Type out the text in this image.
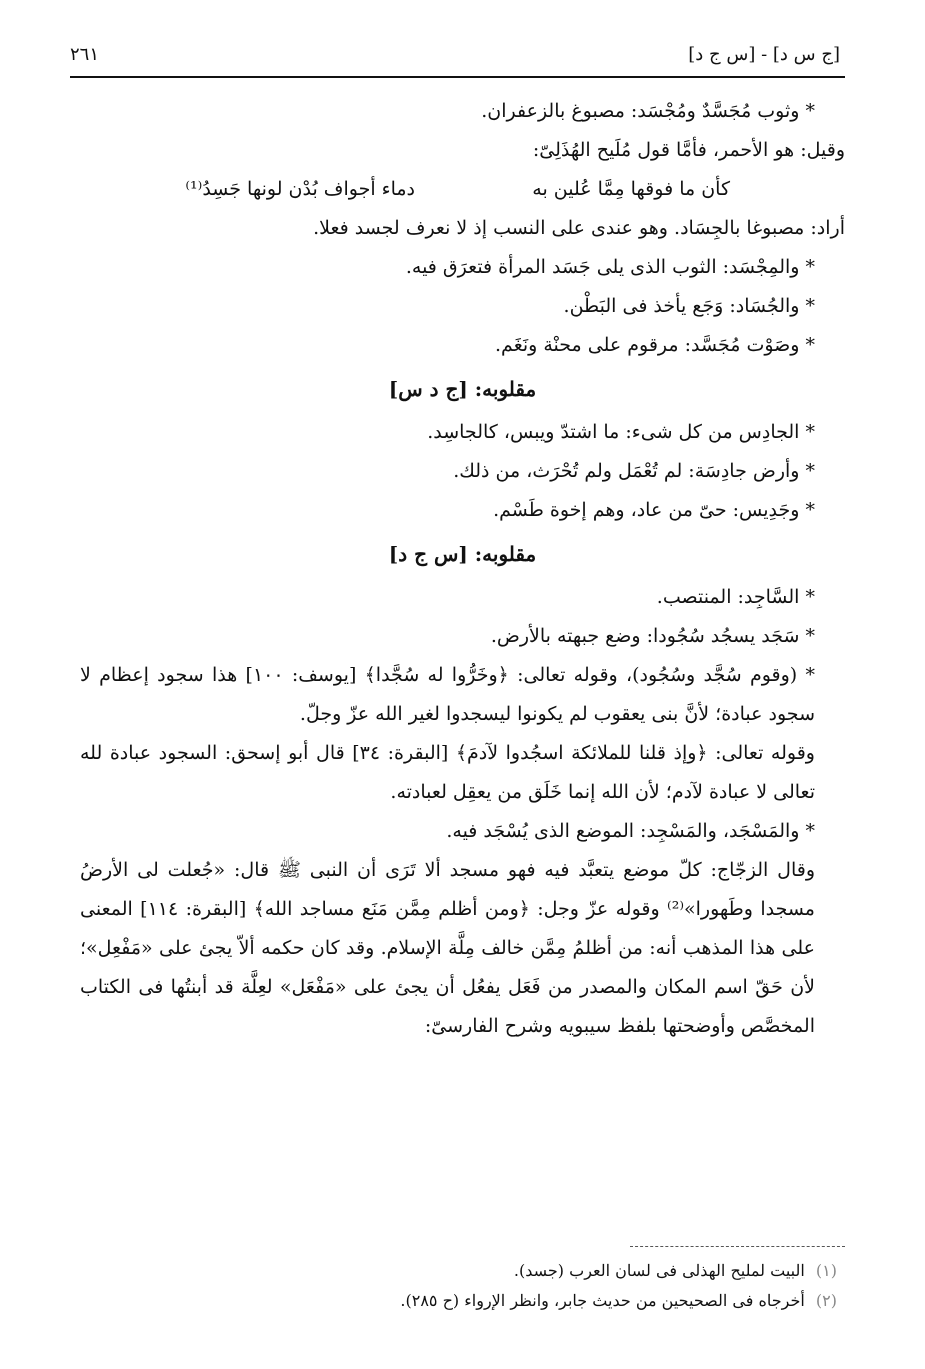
[ج س د] - [س ج د]
٢٦١
* وثوب مُجَسَّدٌ ومُجْسَد: مصبوغ بالزعفران.
وقيل: هو الأحمر، فأمَّا قول مُلَيح الهُذَلِىّ:
كأن ما فوقها مِمَّا عُلين به
دماء أجواف بُدْن لونها جَسِدُ⁽¹⁾
أراد: مصبوغا بالجِسَاد. وهو عندى على النسب إذ لا نعرف لجسد فعلا.
* والمِجْسَد: الثوب الذى يلى جَسَد المرأة فتعرَق فيه.
* والجُسَاد: وَجَع يأخذ فى البَطْن.
* وصَوْت مُجَسَّد: مرقوم على محنْة ونَغَم.
مقلوبه: [ج د س]
* الجادِس من كل شىء: ما اشتدّ ويبس، كالجاسِد.
* وأرض جادِسَة: لم تُعْمَل ولم تُحْرَث، من ذلك.
* وجَدِيس: حىّ من عاد، وهم إخوة طَسْم.
مقلوبه: [س ج د]
* السَّاجِد: المنتصب.
* سَجَد يسجُد سُجُودا: وضع جبهته بالأرض.
* (وقوم سُجَّد وسُجُود)، وقوله تعالى: ﴿وخَرُّوا له سُجَّدا﴾ [يوسف: ١٠٠] هذا سجود إعظام لا سجود عبادة؛ لأنَّ بنى يعقوب لم يكونوا ليسجدوا لغير الله عزّ وجلّ.
وقوله تعالى: ﴿وإذ قلنا للملائكة اسجُدوا لآدمَ﴾ [البقرة: ٣٤] قال أبو إسحق: السجود عبادة لله تعالى لا عبادة لآدم؛ لأن الله إنما خَلَق من يعقِل لعبادته.
* والمَسْجَد، والمَسْجِد: الموضع الذى يُسْجَد فيه.
وقال الزجّاج: كلّ موضع يتعبَّد فيه فهو مسجد ألا تَرَى أن النبى ﷺ قال: «جُعلت لى الأرضُ مسجدا وطَهورا»⁽²⁾ وقوله عزّ وجل: ﴿ومن أظلم مِمَّن مَنَع مساجد الله﴾ [البقرة: ١١٤] المعنى على هذا المذهب أنه: من أظلمُ مِمَّن خالف مِلَّة الإسلام. وقد كان حكمه ألاّ يجئ على «مَفْعِل»؛ لأن حَقّ اسم المكان والمصدر من فَعَل يفعُل أن يجئ على «مَفْعَل» لعِلَّة قد أبنتُها فى الكتاب المخصَّص وأوضحتها بلفظ سيبويه وشرح الفارسىّ:
(١) البيت لمليح الهذلى فى لسان العرب (جسد).
(٢) أخرجاه فى الصحيحين من حديث جابر، وانظر الإرواء (ح ٢٨٥).
